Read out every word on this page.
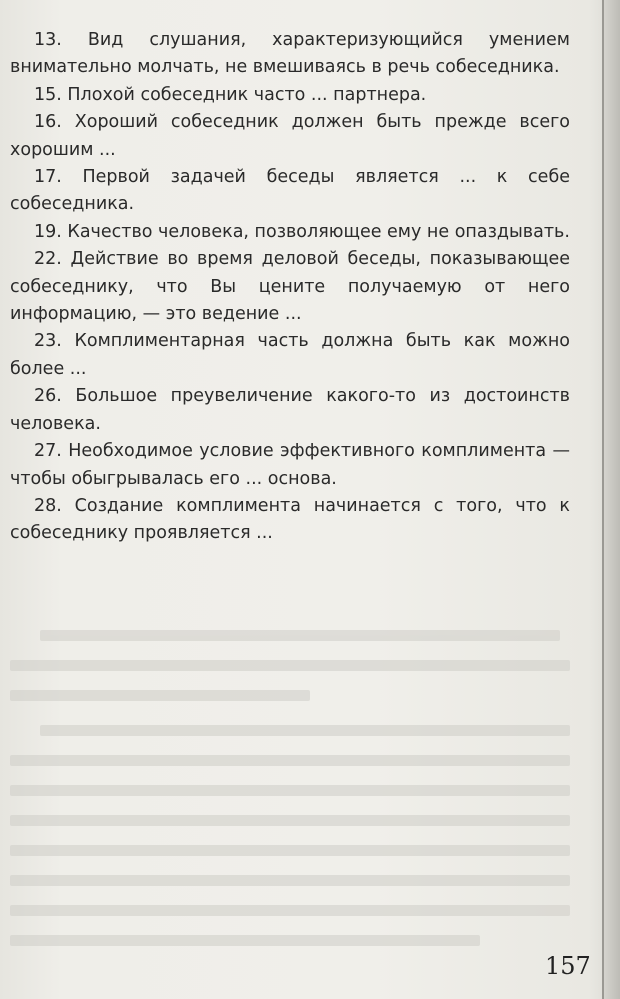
13. Вид слушания, характеризующийся умением внимательно молчать, не вмешиваясь в речь собеседника.

15. Плохой собеседник часто ... партнера.

16. Хороший собеседник должен быть прежде всего хорошим ...

17. Первой задачей беседы является ... к себе собеседника.

19. Качество человека, позволяющее ему не опаздывать.

22. Действие во время деловой беседы, показывающее собеседнику, что Вы цените получаемую от него информацию, — это ведение ...

23. Комплиментарная часть должна быть как можно более ...

26. Большое преувеличение какого-то из достоинств человека.

27. Необходимое условие эффективного комплимента — чтобы обыгрывалась его ... основа.

28. Создание комплимента начинается с того, что к собеседнику проявляется ...

157
